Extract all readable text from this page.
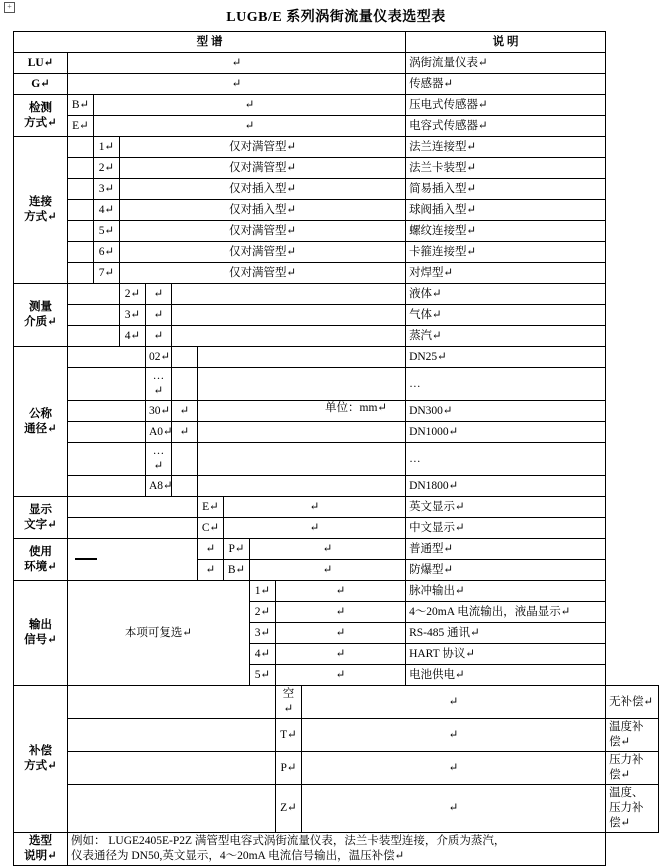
+
LUGB/E 系列涡街流量仪表选型表
型 谱											说 明	
LU↵	↵										涡街流量仪表↵	
G↵	↵										传感器↵	
检测
方式↵	B↵	↵									压电式传感器↵	
	E↵	↵									电容式传感器↵	
连接
方式↵		1↵	仅对满管型↵								法兰连接型↵	
		2↵	仅对满管型↵								法兰卡装型↵	
		3↵	仅对插入型↵								简易插入型↵	
		4↵	仅对插入型↵								球阀插入型↵	
		5↵	仅对满管型↵								螺纹连接型↵	
		6↵	仅对满管型↵								卡箍连接型↵	
		7↵	仅对满管型↵								对焊型↵	
测量
介质↵			2↵	↵							液体↵	
			3↵	↵							气体↵	
			4↵	↵							蒸汽↵	
公称
通径↵				02↵							DN25↵	
				…↵							…	
				30↵	↵	单位：mm↵					DN300↵	
				A0↵	↵						DN1000↵	
				…↵							…	
				A8↵							DN1800↵	
显示
文字↵						E↵	↵				英文显示↵	
						C↵	↵				中文显示↵	
使用
环境↵						↵	P↵	↵			普通型↵	
						↵	B↵	↵			防爆型↵	
输出
信号↵	本项可复选↵							1↵	↵		脉冲输出↵	
								2↵	↵		4～20mA 电流输出，液晶显示↵	
								3↵	↵		RS-485 通讯↵	
								4↵	↵		HART 协议↵	
								5↵	↵		电池供电↵	
补偿
方式↵									空↵	↵		无补偿↵
									T↵	↵		温度补偿↵
									P↵	↵		压力补偿↵
									Z↵	↵		温度、压力补偿↵
选型
说明↵	
例如： LUGE2405E-P2Z 满管型电容式涡街流量仪表，法兰卡装型连接，介质为蒸汽，
仪表通径为 DN50,英文显示，4～20mA 电流信号输出，温压补偿↵
